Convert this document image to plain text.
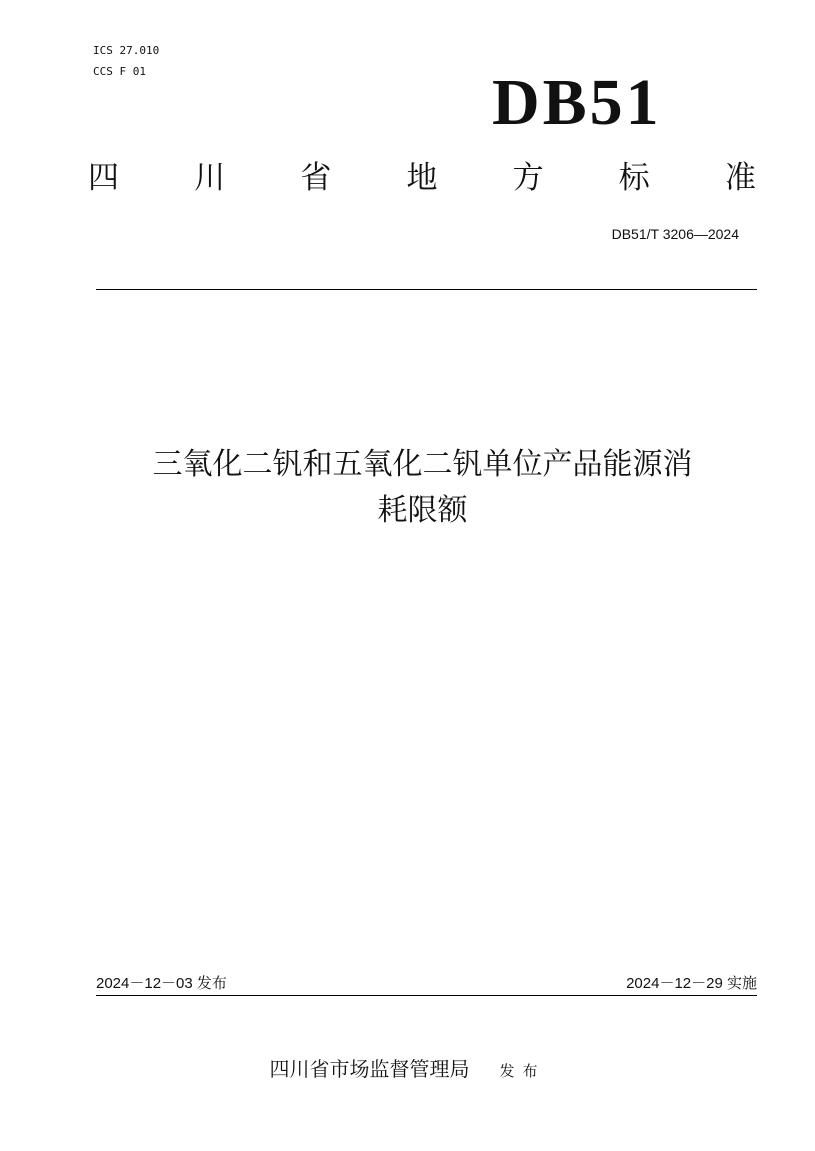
ICS 27.010
CCS F 01	DB51
四 川 省 地 方 标 准
DB51/T 3206—2024
三氧化二钒和五氧化二钒单位产品能源消
耗限额
2024－12－03 发布	2024－12－29 实施
四川省市场监督管理局 发布
